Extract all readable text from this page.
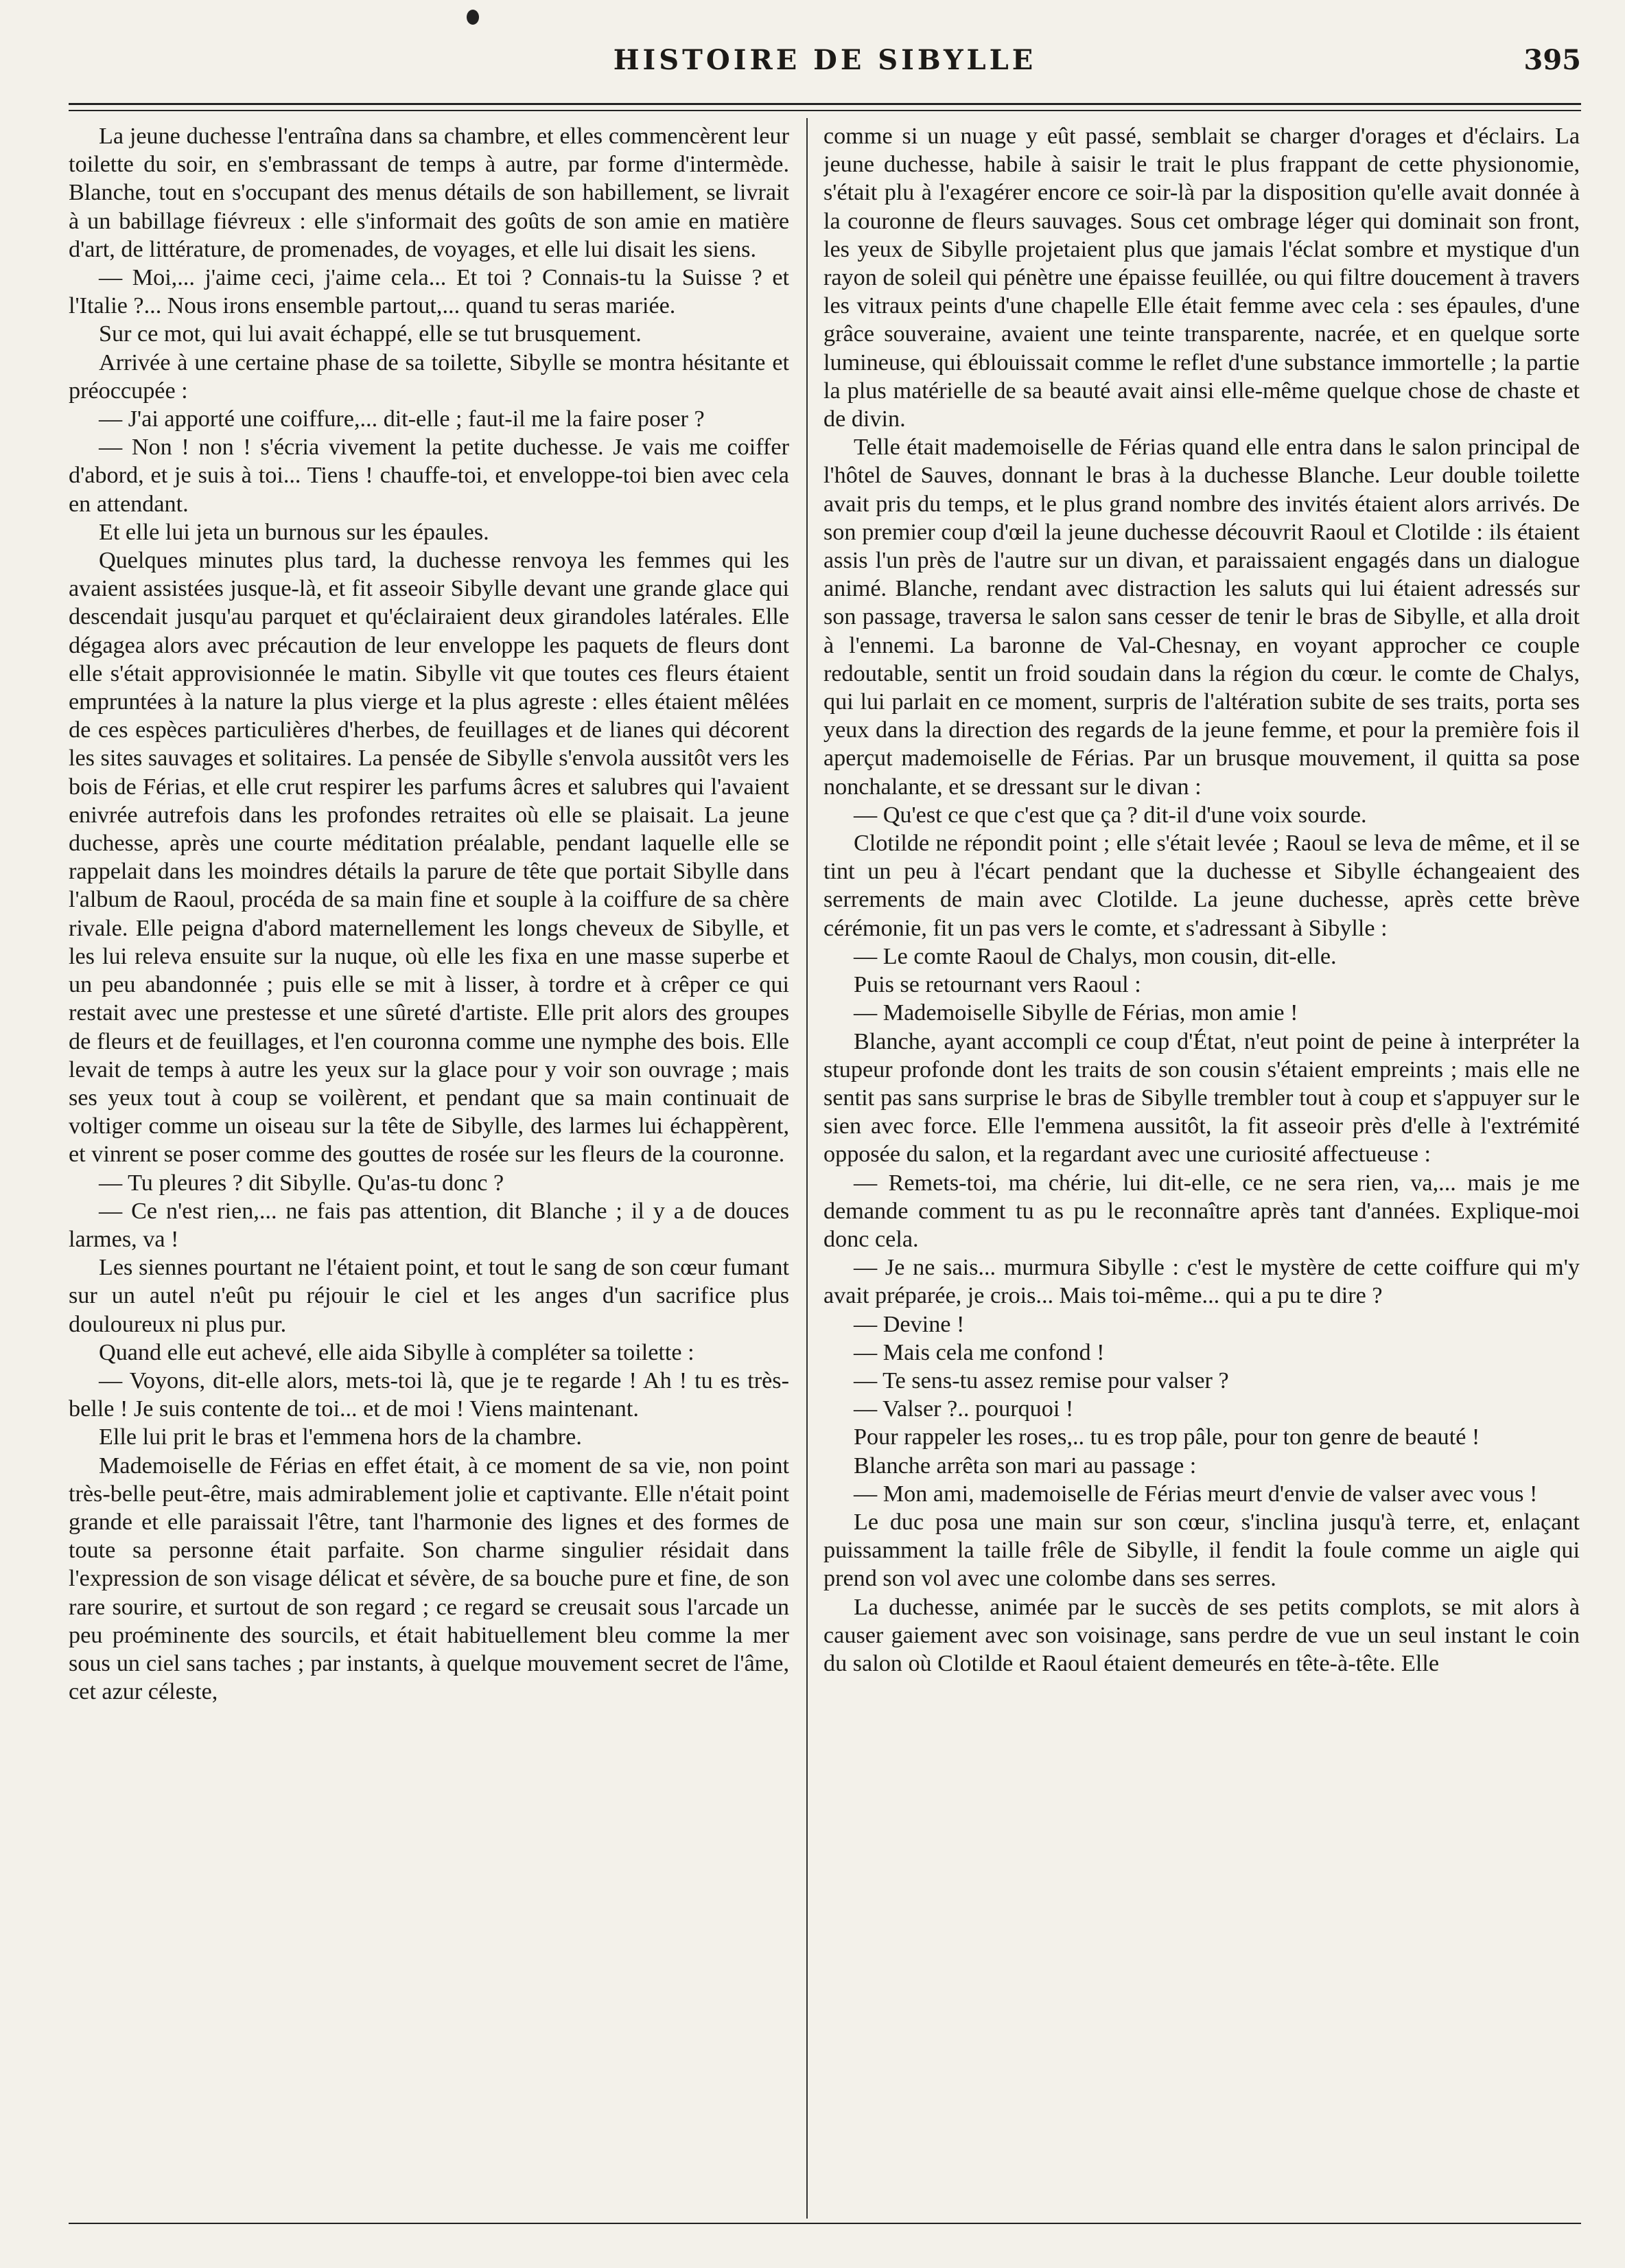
HISTOIRE DE SIBYLLE	395

La jeune duchesse l'entraîna dans sa chambre, et elles commencèrent leur toilette du soir, en s'embrassant de temps à autre, par forme d'intermède. Blanche, tout en s'occupant des menus détails de son habillement, se livrait à un babillage fiévreux : elle s'informait des goûts de son amie en matière d'art, de littérature, de promenades, de voyages, et elle lui disait les siens.

— Moi,... j'aime ceci, j'aime cela... Et toi ? Connais-tu la Suisse ? et l'Italie ?... Nous irons ensemble partout,... quand tu seras mariée.

Sur ce mot, qui lui avait échappé, elle se tut brusquement.

Arrivée à une certaine phase de sa toilette, Sibylle se montra hésitante et préoccupée :

— J'ai apporté une coiffure,... dit-elle ; faut-il me la faire poser ?

— Non ! non ! s'écria vivement la petite duchesse. Je vais me coiffer d'abord, et je suis à toi... Tiens ! chauffe-toi, et enveloppe-toi bien avec cela en attendant.

Et elle lui jeta un burnous sur les épaules.

Quelques minutes plus tard, la duchesse renvoya les femmes qui les avaient assistées jusque-là, et fit asseoir Sibylle devant une grande glace qui descendait jusqu'au parquet et qu'éclairaient deux girandoles latérales. Elle dégagea alors avec précaution de leur enveloppe les paquets de fleurs dont elle s'était approvisionnée le matin. Sibylle vit que toutes ces fleurs étaient empruntées à la nature la plus vierge et la plus agreste : elles étaient mêlées de ces espèces particulières d'herbes, de feuillages et de lianes qui décorent les sites sauvages et solitaires. La pensée de Sibylle s'envola aussitôt vers les bois de Férias, et elle crut respirer les parfums âcres et salubres qui l'avaient enivrée autrefois dans les profondes retraites où elle se plaisait. La jeune duchesse, après une courte méditation préalable, pendant laquelle elle se rappelait dans les moindres détails la parure de tête que portait Sibylle dans l'album de Raoul, procéda de sa main fine et souple à la coiffure de sa chère rivale. Elle peigna d'abord maternellement les longs cheveux de Sibylle, et les lui releva ensuite sur la nuque, où elle les fixa en une masse superbe et un peu abandonnée ; puis elle se mit à lisser, à tordre et à crêper ce qui restait avec une prestesse et une sûreté d'artiste. Elle prit alors des groupes de fleurs et de feuillages, et l'en couronna comme une nymphe des bois. Elle levait de temps à autre les yeux sur la glace pour y voir son ouvrage ; mais ses yeux tout à coup se voilèrent, et pendant que sa main continuait de voltiger comme un oiseau sur la tête de Sibylle, des larmes lui échappèrent, et vinrent se poser comme des gouttes de rosée sur les fleurs de la couronne.

— Tu pleures ? dit Sibylle. Qu'as-tu donc ?

— Ce n'est rien,... ne fais pas attention, dit Blanche ; il y a de douces larmes, va !

Les siennes pourtant ne l'étaient point, et tout le sang de son cœur fumant sur un autel n'eût pu réjouir le ciel et les anges d'un sacrifice plus douloureux ni plus pur.

Quand elle eut achevé, elle aida Sibylle à compléter sa toilette :

— Voyons, dit-elle alors, mets-toi là, que je te regarde ! Ah ! tu es très-belle ! Je suis contente de toi... et de moi ! Viens maintenant.

Elle lui prit le bras et l'emmena hors de la chambre.

Mademoiselle de Férias en effet était, à ce moment de sa vie, non point très-belle peut-être, mais admirablement jolie et captivante. Elle n'était point grande et elle paraissait l'être, tant l'harmonie des lignes et des formes de toute sa personne était parfaite. Son charme singulier résidait dans l'expression de son visage délicat et sévère, de sa bouche pure et fine, de son rare sourire, et surtout de son regard ; ce regard se creusait sous l'arcade un peu proéminente des sourcils, et était habituellement bleu comme la mer sous un ciel sans taches ; par instants, à quelque mouvement secret de l'âme, cet azur céleste,

comme si un nuage y eût passé, semblait se charger d'orages et d'éclairs. La jeune duchesse, habile à saisir le trait le plus frappant de cette physionomie, s'était plu à l'exagérer encore ce soir-là par la disposition qu'elle avait donnée à la couronne de fleurs sauvages. Sous cet ombrage léger qui dominait son front, les yeux de Sibylle projetaient plus que jamais l'éclat sombre et mystique d'un rayon de soleil qui pénètre une épaisse feuillée, ou qui filtre doucement à travers les vitraux peints d'une chapelle Elle était femme avec cela : ses épaules, d'une grâce souveraine, avaient une teinte transparente, nacrée, et en quelque sorte lumineuse, qui éblouissait comme le reflet d'une substance immortelle ; la partie la plus matérielle de sa beauté avait ainsi elle-même quelque chose de chaste et de divin.

Telle était mademoiselle de Férias quand elle entra dans le salon principal de l'hôtel de Sauves, donnant le bras à la duchesse Blanche. Leur double toilette avait pris du temps, et le plus grand nombre des invités étaient alors arrivés. De son premier coup d'œil la jeune duchesse découvrit Raoul et Clotilde : ils étaient assis l'un près de l'autre sur un divan, et paraissaient engagés dans un dialogue animé. Blanche, rendant avec distraction les saluts qui lui étaient adressés sur son passage, traversa le salon sans cesser de tenir le bras de Sibylle, et alla droit à l'ennemi. La baronne de Val-Chesnay, en voyant approcher ce couple redoutable, sentit un froid soudain dans la région du cœur. le comte de Chalys, qui lui parlait en ce moment, surpris de l'altération subite de ses traits, porta ses yeux dans la direction des regards de la jeune femme, et pour la première fois il aperçut mademoiselle de Férias. Par un brusque mouvement, il quitta sa pose nonchalante, et se dressant sur le divan :

— Qu'est ce que c'est que ça ? dit-il d'une voix sourde.

Clotilde ne répondit point ; elle s'était levée ; Raoul se leva de même, et il se tint un peu à l'écart pendant que la duchesse et Sibylle échangeaient des serrements de main avec Clotilde. La jeune duchesse, après cette brève cérémonie, fit un pas vers le comte, et s'adressant à Sibylle :

— Le comte Raoul de Chalys, mon cousin, dit-elle.

Puis se retournant vers Raoul :

— Mademoiselle Sibylle de Férias, mon amie !

Blanche, ayant accompli ce coup d'État, n'eut point de peine à interpréter la stupeur profonde dont les traits de son cousin s'étaient empreints ; mais elle ne sentit pas sans surprise le bras de Sibylle trembler tout à coup et s'appuyer sur le sien avec force. Elle l'emmena aussitôt, la fit asseoir près d'elle à l'extrémité opposée du salon, et la regardant avec une curiosité affectueuse :

— Remets-toi, ma chérie, lui dit-elle, ce ne sera rien, va,... mais je me demande comment tu as pu le reconnaître après tant d'années. Explique-moi donc cela.

— Je ne sais... murmura Sibylle : c'est le mystère de cette coiffure qui m'y avait préparée, je crois... Mais toi-même... qui a pu te dire ?

— Devine !

— Mais cela me confond !

— Te sens-tu assez remise pour valser ?

— Valser ?.. pourquoi !

Pour rappeler les roses,.. tu es trop pâle, pour ton genre de beauté !

Blanche arrêta son mari au passage :

— Mon ami, mademoiselle de Férias meurt d'envie de valser avec vous !

Le duc posa une main sur son cœur, s'inclina jusqu'à terre, et, enlaçant puissamment la taille frêle de Sibylle, il fendit la foule comme un aigle qui prend son vol avec une colombe dans ses serres.

La duchesse, animée par le succès de ses petits complots, se mit alors à causer gaiement avec son voisinage, sans perdre de vue un seul instant le coin du salon où Clotilde et Raoul étaient demeurés en tête-à-tête. Elle
